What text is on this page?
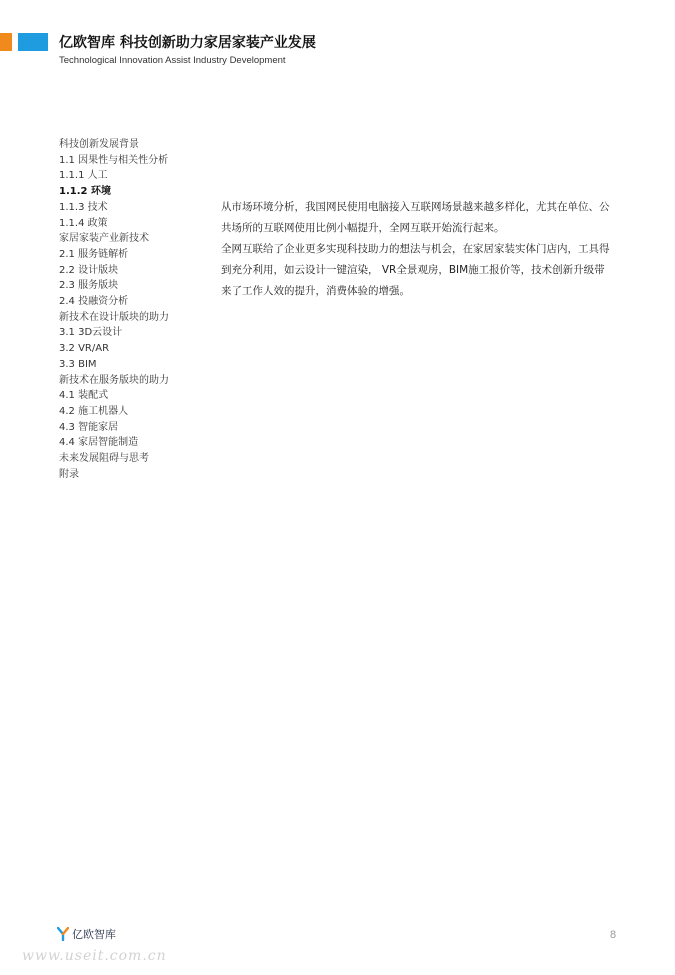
亿欧智库 科技创新助力家居家装产业发展
Technological Innovation Assist Industry Development
科技创新发展背景
1.1 因果性与相关性分析
1.1.1 人工
1.1.2 环境
1.1.3 技术
1.1.4 政策
家居家装产业新技术
2.1 服务链解析
2.2 设计版块
2.3 服务版块
2.4 投融资分析
新技术在设计版块的助力
3.1 3D云设计
3.2 VR/AR
3.3 BIM
新技术在服务版块的助力
4.1 装配式
4.2 施工机器人
4.3 智能家居
4.4 家居智能制造
未来发展阻碍与思考
附录

从市场环境分析，我国网民使用电脑接入互联网场景越来越多样化，尤其在单位、公共场所的互联网使用比例小幅提升，全网互联开始流行起来。

全网互联给了企业更多实现科技助力的想法与机会，在家居家装实体门店内，工具得到充分利用，如云设计一键渲染， VR全景观房，BIM施工报价等，技术创新升级带来了工作人效的提升，消费体验的增强。

亿欧智库	8
www.useit.com.cn
